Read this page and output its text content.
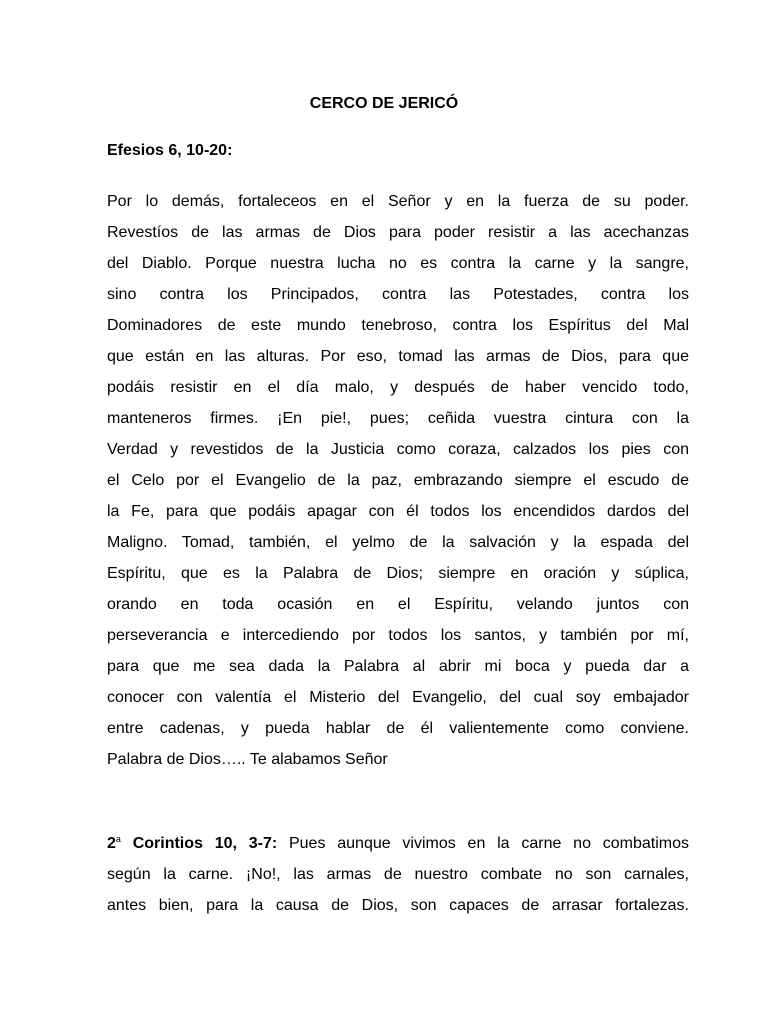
CERCO DE JERICÓ
Efesios 6, 10-20:
Por lo demás, fortaleceos en el Señor y en la fuerza de su poder.
Revestíos de las armas de Dios para poder resistir a las acechanzas
del Diablo. Porque nuestra lucha no es contra la carne y la sangre,
sino contra los Principados, contra las Potestades, contra los
Dominadores de este mundo tenebroso, contra los Espíritus del Mal
que están en las alturas. Por eso, tomad las armas de Dios, para que
podáis resistir en el día malo, y después de haber vencido todo,
manteneros firmes. ¡En pie!, pues; ceñida vuestra cintura con la
Verdad y revestidos de la Justicia como coraza, calzados los pies con
el Celo por el Evangelio de la paz, embrazando siempre el escudo de
la Fe, para que podáis apagar con él todos los encendidos dardos del
Maligno. Tomad, también, el yelmo de la salvación y la espada del
Espíritu, que es la Palabra de Dios; siempre en oración y súplica,
orando en toda ocasión en el Espíritu, velando juntos con
perseverancia e intercediendo por todos los santos, y también por mí,
para que me sea dada la Palabra al abrir mi boca y pueda dar a
conocer con valentía el Misterio del Evangelio, del cual soy embajador
entre cadenas, y pueda hablar de él valientemente como conviene.
Palabra de Dios….. Te alabamos Señor
2$^a$ Corintios 10, 3-7: Pues aunque vivimos en la carne no combatimos
según la carne. ¡No!, las armas de nuestro combate no son carnales,
antes bien, para la causa de Dios, son capaces de arrasar fortalezas.
